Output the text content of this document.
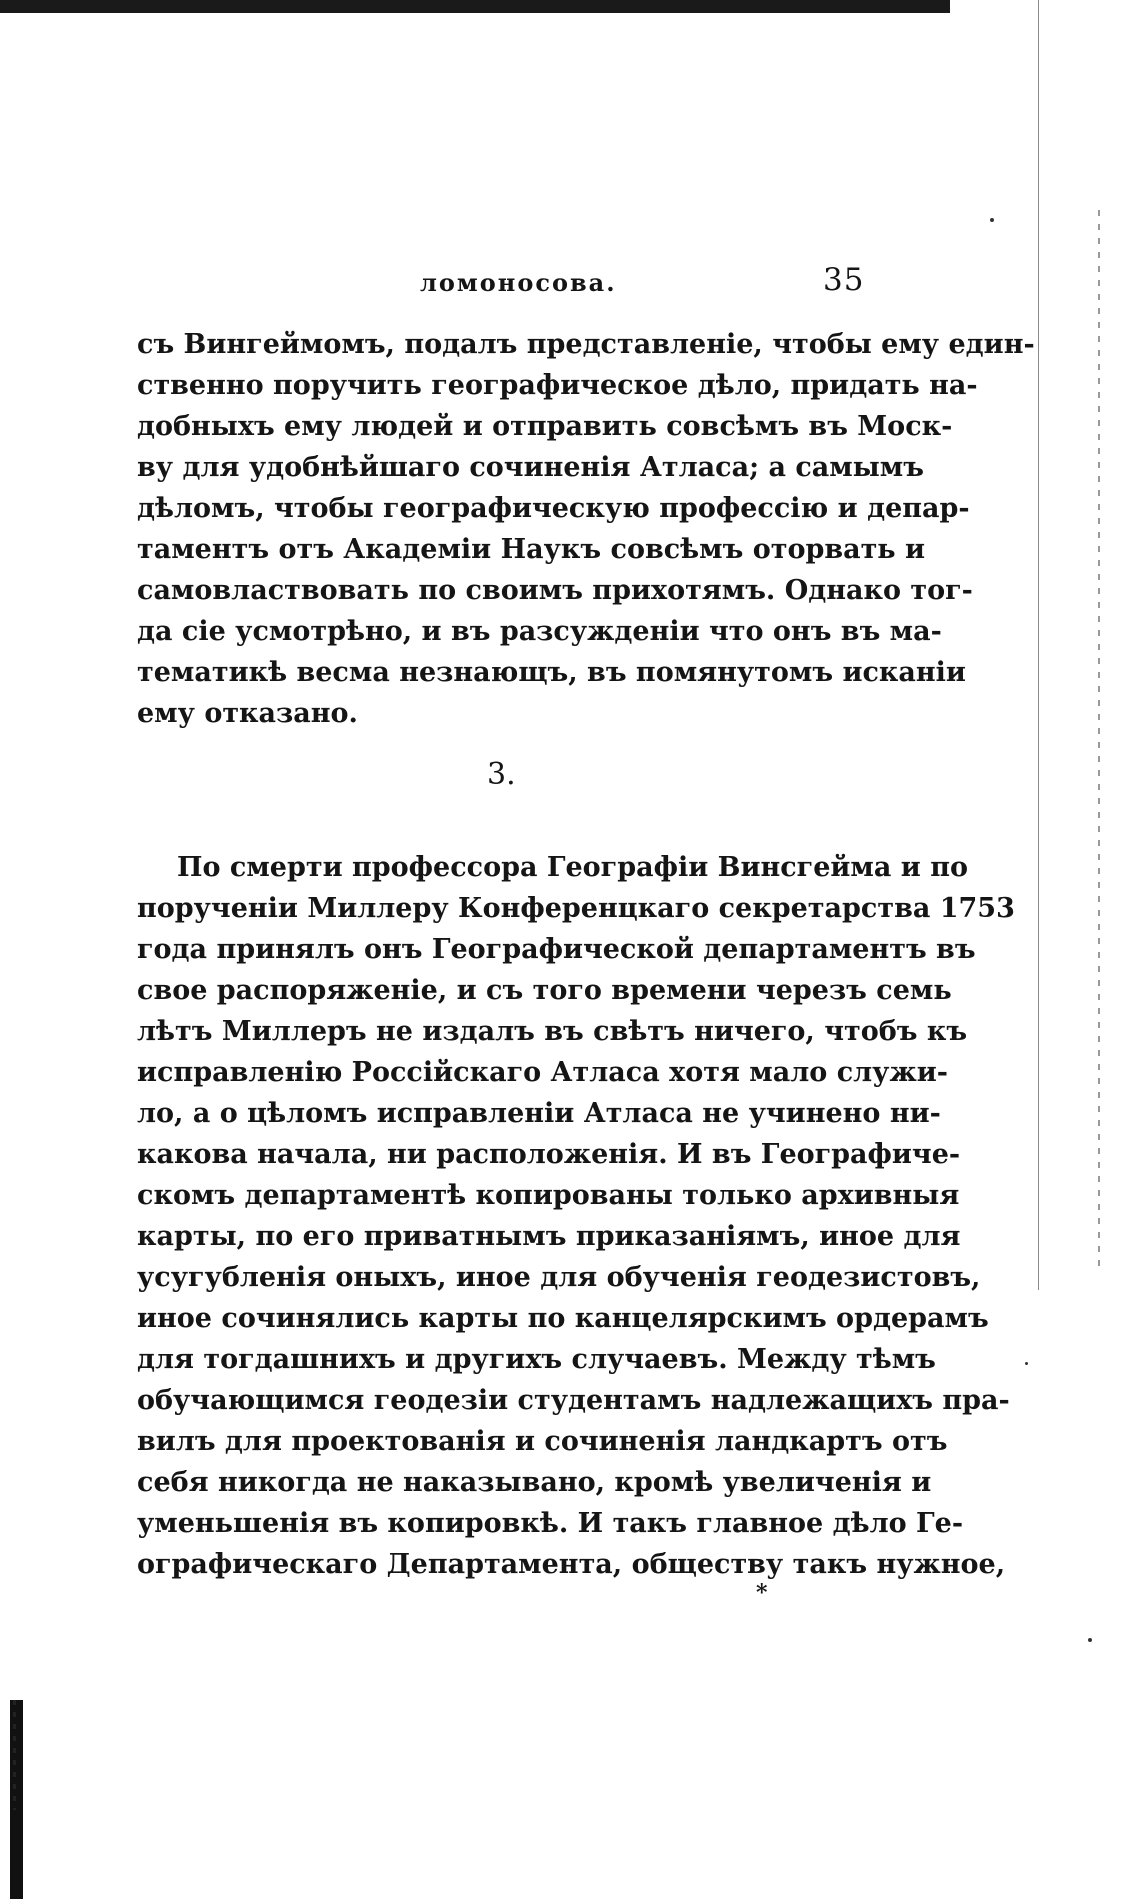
ломоносова.	35
съ Вингеймомъ, подалъ представленіе, чтобы ему един-
ственно поручить географическое дѣло, придать на-
добныхъ ему людей и отправить совсѣмъ въ Моск-
ву для удобнѣйшаго сочиненія Атласа; а самымъ
дѣломъ, чтобы географическую профессію и депар-
таментъ отъ Академіи Наукъ совсѣмъ оторвать и
самовластвовать по своимъ прихотямъ. Однако тог-
да сіе усмотрѣно, и въ разсужденіи что онъ въ ма-
тематикѣ весма незнающъ, въ помянутомъ исканіи
ему отказано.
3.
По смерти профессора Географіи Винсгейма и по
порученіи Миллеру Конференцкаго секретарства 1753
года принялъ онъ Географической департаментъ въ
свое распоряженіе, и съ того времени черезъ семь
лѣтъ Миллеръ не издалъ въ свѣтъ ничего, чтобъ къ
исправленію Россійскаго Атласа хотя мало служи-
ло, а о цѣломъ исправленіи Атласа не учинено ни-
какова начала, ни расположенія. И въ Географиче-
скомъ департаментѣ копированы только архивныя
карты, по его приватнымъ приказаніямъ, иное для
усугубленія оныхъ, иное для обученія геодезистовъ,
иное сочинялись карты по канцелярскимъ ордерамъ
для тогдашнихъ и другихъ случаевъ. Между тѣмъ
обучающимся геодезіи студентамъ надлежащихъ пра-
вилъ для проектованія и сочиненія ландкартъ отъ
себя никогда не наказывано, кромѣ увеличенія и
уменьшенія въ копировкѣ. И такъ главное дѣло Ге-
ографическаго Департамента, обществу такъ нужное,
*
